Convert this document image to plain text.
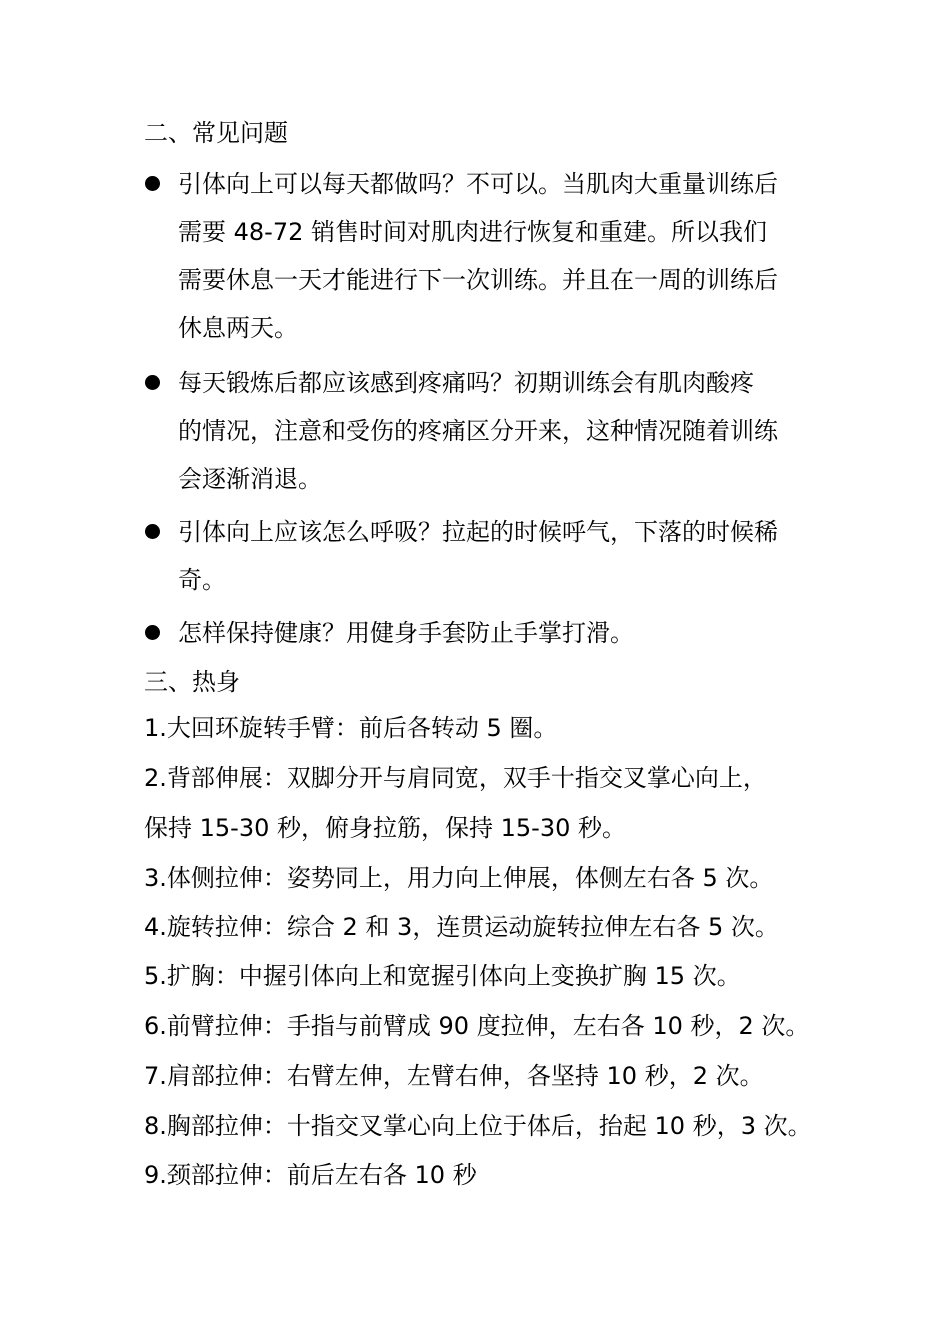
二、常见问题
引体向上可以每天都做吗？不可以。当肌肉大重量训练后
需要 48-72 销售时间对肌肉进行恢复和重建。所以我们
需要休息一天才能进行下一次训练。并且在一周的训练后
休息两天。
每天锻炼后都应该感到疼痛吗？初期训练会有肌肉酸疼
的情况，注意和受伤的疼痛区分开来，这种情况随着训练
会逐渐消退。
引体向上应该怎么呼吸？拉起的时候呼气，下落的时候稀
奇。
怎样保持健康？用健身手套防止手掌打滑。
三、热身
1.大回环旋转手臂：前后各转动 5 圈。
2.背部伸展：双脚分开与肩同宽，双手十指交叉掌心向上，
保持 15-30 秒，俯身拉筋，保持 15-30 秒。
3.体侧拉伸：姿势同上，用力向上伸展，体侧左右各 5 次。
4.旋转拉伸：综合 2 和 3，连贯运动旋转拉伸左右各 5 次。
5.扩胸：中握引体向上和宽握引体向上变换扩胸 15 次。
6.前臂拉伸：手指与前臂成 90 度拉伸，左右各 10 秒，2 次。
7.肩部拉伸：右臂左伸，左臂右伸，各坚持 10 秒，2 次。
8.胸部拉伸：十指交叉掌心向上位于体后，抬起 10 秒，3 次。
9.颈部拉伸：前后左右各 10 秒
